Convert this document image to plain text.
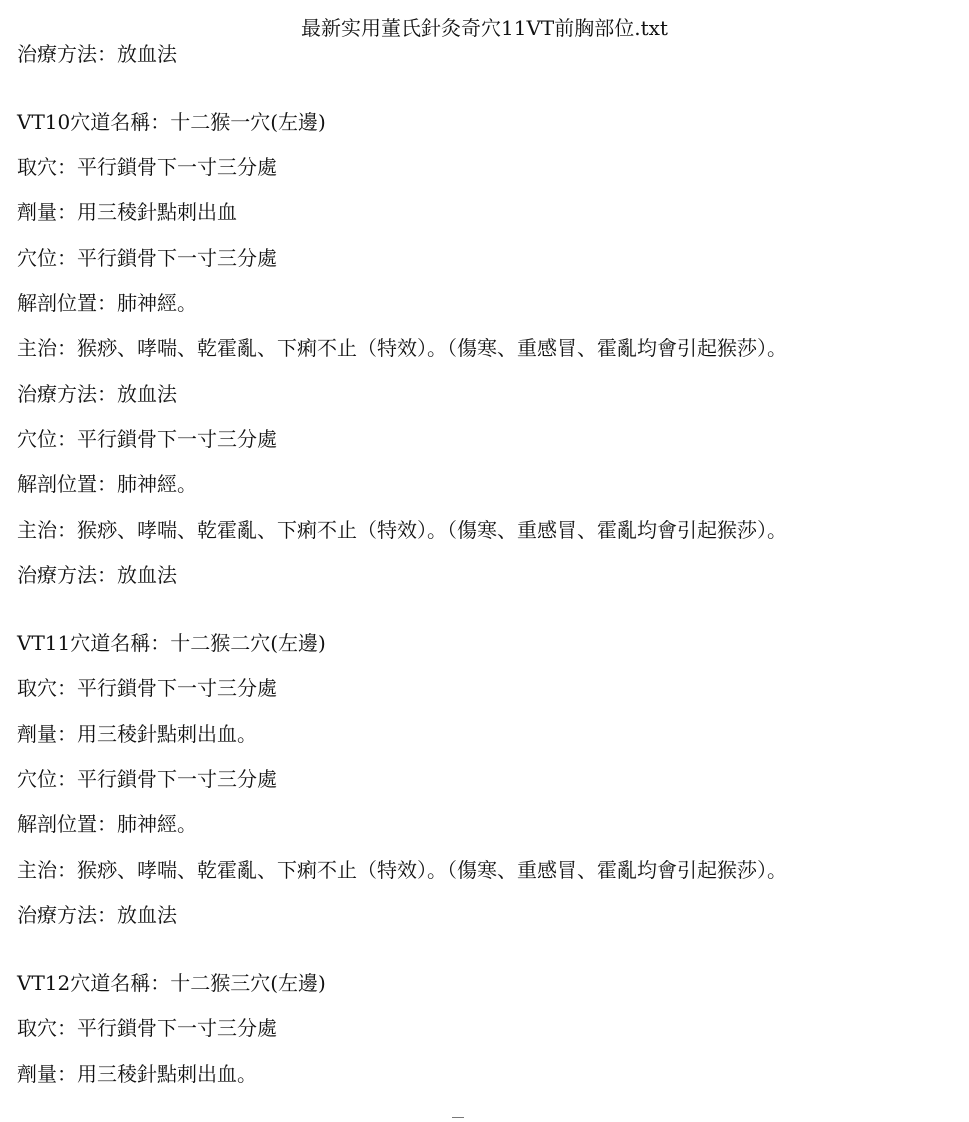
最新实用董氏針灸奇穴11VT前胸部位.txt
治療方法：放血法
VT10穴道名稱：十二猴一穴(左邊)
取穴：平行鎖骨下一寸三分處
劑量：用三稜針點刺出血
穴位：平行鎖骨下一寸三分處
解剖位置：肺神經。
主治：猴痧、哮喘、乾霍亂、下痢不止（特效）。（傷寒、重感冒、霍亂均會引起猴莎）。
治療方法：放血法
穴位：平行鎖骨下一寸三分處
解剖位置：肺神經。
主治：猴痧、哮喘、乾霍亂、下痢不止（特效）。（傷寒、重感冒、霍亂均會引起猴莎）。
治療方法：放血法
VT11穴道名稱：十二猴二穴(左邊)
取穴：平行鎖骨下一寸三分處
劑量：用三稜針點刺出血。
穴位：平行鎖骨下一寸三分處
解剖位置：肺神經。
主治：猴痧、哮喘、乾霍亂、下痢不止（特效）。（傷寒、重感冒、霍亂均會引起猴莎）。
治療方法：放血法
VT12穴道名稱：十二猴三穴(左邊)
取穴：平行鎖骨下一寸三分處
劑量：用三稜針點刺出血。
